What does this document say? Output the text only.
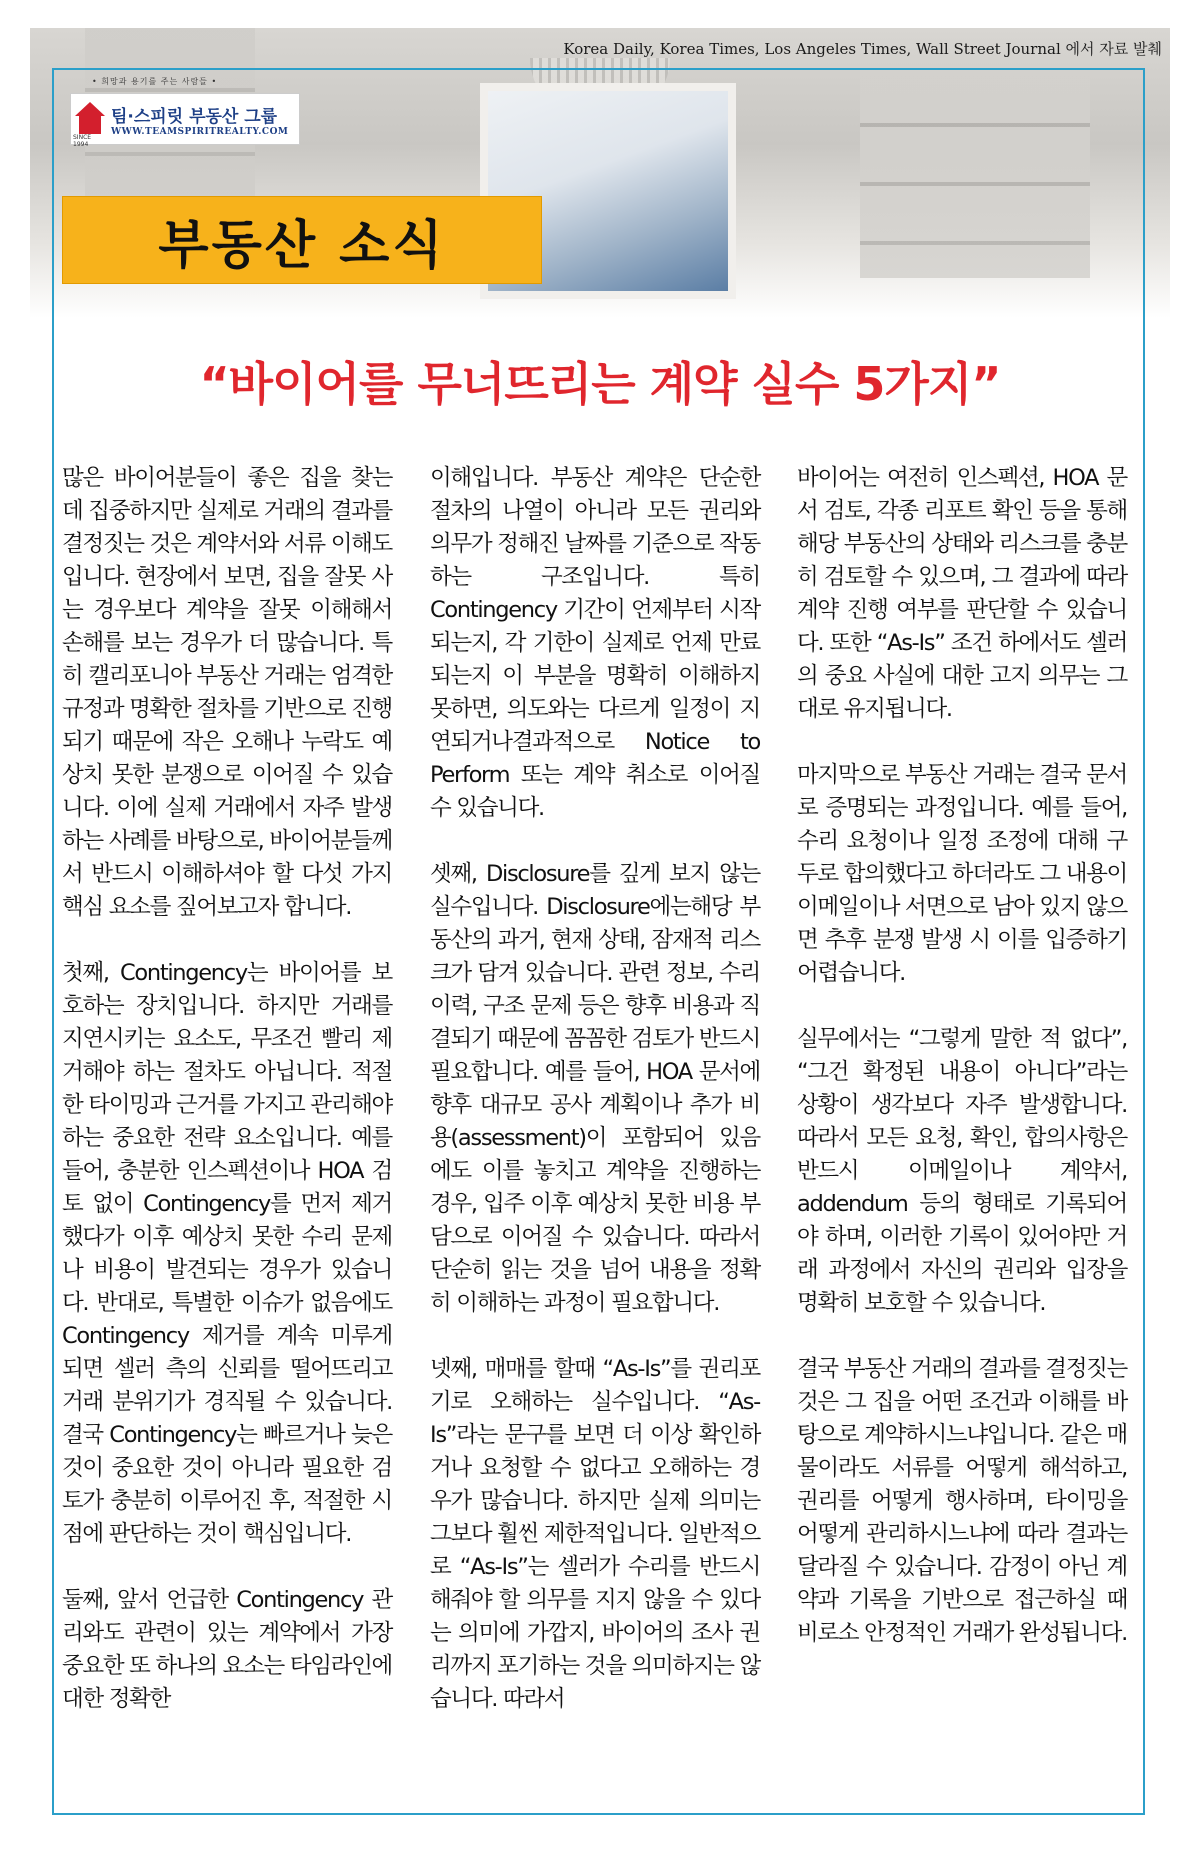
Korea Daily, Korea Times, Los Angeles Times, Wall Street Journal 에서 자료 발췌
• 희망과 용기를 주는 사람들 •
SINCE 1994
팀·스피릿 부동산 그룹
WWW.TEAMSPIRITREALTY.COM
부동산 소식
“바이어를 무너뜨리는 계약 실수 5가지”

많은 바이어분들이 좋은 집을 찾는 데 집중하지만 실제로 거래의 결과를 결정짓는 것은 계약서와 서류 이해도입니다. 현장에서 보면, 집을 잘못 사는 경우보다 계약을 잘못 이해해서 손해를 보는 경우가 더 많습니다. 특히 캘리포니아 부동산 거래는 엄격한 규정과 명확한 절차를 기반으로 진행되기 때문에 작은 오해나 누락도 예상치 못한 분쟁으로 이어질 수 있습니다. 이에 실제 거래에서 자주 발생하는 사례를 바탕으로, 바이어분들께서 반드시 이해하셔야 할 다섯 가지 핵심 요소를 짚어보고자 합니다.

첫째, Contingency는 바이어를 보호하는 장치입니다. 하지만 거래를 지연시키는 요소도, 무조건 빨리 제거해야 하는 절차도 아닙니다. 적절한 타이밍과 근거를 가지고 관리해야 하는 중요한 전략 요소입니다. 예를 들어, 충분한 인스펙션이나 HOA 검토 없이 Contingency를 먼저 제거했다가 이후 예상치 못한 수리 문제나 비용이 발견되는 경우가 있습니다. 반대로, 특별한 이슈가 없음에도 Contingency 제거를 계속 미루게 되면 셀러 측의 신뢰를 떨어뜨리고 거래 분위기가 경직될 수 있습니다. 결국 Contingency는 빠르거나 늦은 것이 중요한 것이 아니라 필요한 검토가 충분히 이루어진 후, 적절한 시점에 판단하는 것이 핵심입니다.

둘째, 앞서 언급한 Contingency 관리와도 관련이 있는 계약에서 가장 중요한 또 하나의 요소는 타임라인에 대한 정확한

이해입니다. 부동산 계약은 단순한 절차의 나열이 아니라 모든 권리와 의무가 정해진 날짜를 기준으로 작동하는 구조입니다. 특히 Contingency 기간이 언제부터 시작되는지, 각 기한이 실제로 언제 만료되는지 이 부분을 명확히 이해하지 못하면, 의도와는 다르게 일정이 지연되거나결과적으로 Notice to Perform 또는 계약 취소로 이어질 수 있습니다.

셋째, Disclosure를 깊게 보지 않는 실수입니다. Disclosure에는해당 부동산의 과거, 현재 상태, 잠재적 리스크가 담겨 있습니다. 관련 정보, 수리 이력, 구조 문제 등은 향후 비용과 직결되기 때문에 꼼꼼한 검토가 반드시 필요합니다. 예를 들어, HOA 문서에 향후 대규모 공사 계획이나 추가 비용(assessment)이 포함되어 있음에도 이를 놓치고 계약을 진행하는 경우, 입주 이후 예상치 못한 비용 부담으로 이어질 수 있습니다. 따라서 단순히 읽는 것을 넘어 내용을 정확히 이해하는 과정이 필요합니다.

넷째, 매매를 할때 “As-Is”를 권리포기로 오해하는 실수입니다. “As-Is”라는 문구를 보면 더 이상 확인하거나 요청할 수 없다고 오해하는 경우가 많습니다. 하지만 실제 의미는 그보다 훨씬 제한적입니다. 일반적으로 “As-Is”는 셀러가 수리를 반드시 해줘야 할 의무를 지지 않을 수 있다는 의미에 가깝지, 바이어의 조사 권리까지 포기하는 것을 의미하지는 않습니다. 따라서

바이어는 여전히 인스펙션, HOA 문서 검토, 각종 리포트 확인 등을 통해 해당 부동산의 상태와 리스크를 충분히 검토할 수 있으며, 그 결과에 따라 계약 진행 여부를 판단할 수 있습니다. 또한 “As-Is” 조건 하에서도 셀러의 중요 사실에 대한 고지 의무는 그대로 유지됩니다.

마지막으로 부동산 거래는 결국 문서로 증명되는 과정입니다. 예를 들어, 수리 요청이나 일정 조정에 대해 구두로 합의했다고 하더라도 그 내용이 이메일이나 서면으로 남아 있지 않으면 추후 분쟁 발생 시 이를 입증하기 어렵습니다.

실무에서는 “그렇게 말한 적 없다”, “그건 확정된 내용이 아니다”라는 상황이 생각보다 자주 발생합니다. 따라서 모든 요청, 확인, 합의사항은 반드시 이메일이나 계약서, addendum 등의 형태로 기록되어야 하며, 이러한 기록이 있어야만 거래 과정에서 자신의 권리와 입장을 명확히 보호할 수 있습니다.

결국 부동산 거래의 결과를 결정짓는 것은 그 집을 어떤 조건과 이해를 바탕으로 계약하시느냐입니다. 같은 매물이라도 서류를 어떻게 해석하고, 권리를 어떻게 행사하며, 타이밍을 어떻게 관리하시느냐에 따라 결과는 달라질 수 있습니다. 감정이 아닌 계약과 기록을 기반으로 접근하실 때 비로소 안정적인 거래가 완성됩니다.
